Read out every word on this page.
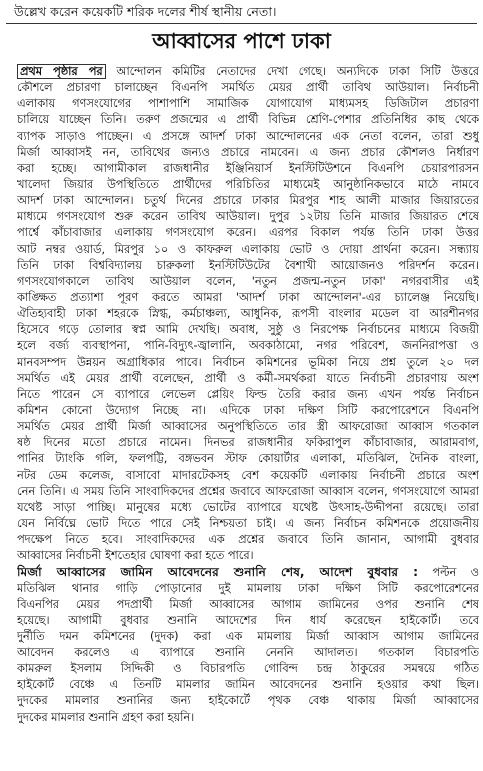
উল্লেখ করেন কয়েকটি শরিক দলের শীর্ষ স্থানীয় নেতা।
আব্বাসের পাশে ঢাকা
প্রথম পৃষ্ঠার পর আন্দোলন কমিটির নেতাদের দেখা গেছে। অন্যদিকে ঢাকা সিটি উত্তরে
কৌশলে প্রচারণা চালাচ্ছেন বিএনপি সমর্থিত মেয়র প্রার্থী তাবিথ আউয়াল। নির্বাচনী
এলাকায় গণসংযোগের পাশাপাশি সামাজিক যোগাযোগ মাধ্যমসহ ডিজিটাল প্রচারণা
চালিয়ে যাচ্ছেন তিনি। তরুণ প্রজন্মের এ প্রার্থী বিভিন্ন শ্রেণি-পেশার প্রতিনিধির কাছ থেকে
ব্যাপক সাড়াও পাচ্ছেন। এ প্রসঙ্গে আদর্শ ঢাকা আন্দোলনের এক নেতা বলেন, তারা শুধু
মির্জা আব্বাসই নন, তাবিথের জন্যও প্রচারে নামবেন। এ জন্য প্রচার কৌশলও নির্ধারণ
করা হচ্ছে। আগামীকাল রাজধানীর ইঞ্জিনিয়ার্স ইনস্টিটিউশনে বিএনপি চেয়ারপারসন
খালেদা জিয়ার উপস্থিতিতে প্রার্থীদের পরিচিতির মাধ্যমেই আনুষ্ঠানিকভাবে মাঠে নামবে
আদর্শ ঢাকা আন্দোলন। চতুর্থ দিনের প্রচারে ঢাকার মিরপুর শাহ আলী মাজার জিয়ারতের
মাধ্যমে গণসংযোগ শুরু করেন তাবিথ আউয়াল। দুপুর ১২টায় তিনি মাজার জিয়ারত শেষে
পার্শ্বে কাঁচাবাজার এলাকায় গণসংযোগ করেন। এরপর বিকাল পর্যন্ত তিনি ঢাকা উত্তর
আট নম্বর ওয়ার্ড, মিরপুর ১০ ও কাফরুল এলাকায় ভোট ও দোয়া প্রার্থনা করেন। সন্ধ্যায়
তিনি ঢাকা বিশ্ববিদ্যালয় চারুকলা ইনস্টিটিউটের বৈশাখী আয়োজনও পরিদর্শন করেন।
গণসংযোগকালে তাবিথ আউয়াল বলেন, 'নতুন প্রজন্ম-নতুন ঢাকা' নগরবাসীর এই
কাঙ্ক্ষিত প্রত্যাশা পূরণ করতে আমরা 'আদর্শ ঢাকা আন্দোলন'-এর চ্যালেঞ্জ নিয়েছি।
ঐতিহ্যবাহী ঢাকা শহরকে স্নিগ্ধ, কর্মচাঞ্চল্য, আধুনিক, রূপসী বাংলার মডেল বা আরশীনগর
হিসেবে গড়ে তোলার স্বপ্ন আমি দেখছি। অবাধ, সুষ্ঠু ও নিরপেক্ষ নির্বাচনের মাধ্যমে বিজয়ী
হলে বর্জ্য ব্যবস্থাপনা, পানি-বিদ্যুৎ-জ্বালানি, অবকাঠামো, নগর পরিবেশ, জননিরাপত্তা ও
মানবসম্পদ উন্নয়ন অগ্রাধিকার পাবে। নির্বাচন কমিশনের ভূমিকা নিয়ে প্রশ্ন তুলে ২০ দল
সমর্থিত এই মেয়র প্রার্থী বলেছেন, প্রার্থী ও কর্মী-সমর্থকরা যাতে নির্বাচনী প্রচারণায় অংশ
নিতে পারেন সে ব্যাপারে লেভেল প্লেয়িং ফিল্ড তৈরি করার জন্য এখন পর্যন্ত নির্বাচন
কমিশন কোনো উদ্যোগ নিচ্ছে না। এদিকে ঢাকা দক্ষিণ সিটি করপোরেশনে বিএনপি
সমর্থিত মেয়র প্রার্থী মির্জা আব্বাসের অনুপস্থিতিতে তার স্ত্রী আফরোজা আব্বাস গতকাল
ষষ্ঠ দিনের মতো প্রচারে নামেন। দিনভর রাজধানীর ফকিরাপুল কাঁচাবাজার, আরামবাগ,
পানির ট্যাংকি গলি, ফলপট্টি, বঙ্গভবন স্টাফ কোয়ার্টার এলাকা, মতিঝিল, দৈনিক বাংলা,
নটর ডেম কলেজ, বাসাবো মাদারটেকসহ বেশ কয়েকটি এলাকায় নির্বাচনী প্রচারে অংশ
নেন তিনি। এ সময় তিনি সাংবাদিকদের প্রশ্নের জবাবে আফরোজা আব্বাস বলেন, গণসংযোগে আমরা
যথেষ্ট সাড়া পাচ্ছি। মানুষের মধ্যে ভোটের ব্যাপারে যথেষ্ট উৎসাহ-উদ্দীপনা রয়েছে। তারা
যেন নির্বিঘ্নে ভোট দিতে পারে সেই নিশ্চয়তা চাই। এ জন্য নির্বাচন কমিশনকে প্রয়োজনীয়
পদক্ষেপ নিতে হবে। সাংবাদিকদের এক প্রশ্নের জবাবে তিনি জানান, আগামী বুধবার
আব্বাসের নির্বাচনী ইশতেহার ঘোষণা করা হতে পারে।
মির্জা আব্বাসের জামিন আবেদনের শুনানি শেষ, আদেশ বুধবার : পল্টন ও
মতিঝিল থানার গাড়ি পোড়ানোর দুই মামলায় ঢাকা দক্ষিণ সিটি করপোরেশনের
বিএনপির মেয়র পদপ্রার্থী মির্জা আব্বাসের আগাম জামিনের ওপর শুনানি শেষ
হয়েছে। আগামী বুধবার শুনানি আদেশের দিন ধার্য করেছেন হাইকোর্ট। তবে
দুর্নীতি দমন কমিশনের (দুদক) করা এক মামলায় মির্জা আব্বাস আগাম জামিনের
আবেদন করলেও এ ব্যাপারে শুনানি নেননি আদালত। গতকাল বিচারপতি
কামরুল ইসলাম সিদ্দিকী ও বিচারপতি গোবিন্দ চন্দ্র ঠাকুরের সমন্বয়ে গঠিত
হাইকোর্ট বেঞ্চে এ তিনটি মামলার জামিন আবেদনের শুনানি হওয়ার কথা ছিল।
দুদকের মামলার শুনানির জন্য হাইকোর্টে পৃথক বেঞ্চ থাকায় মির্জা আব্বাসের
দুদকের মামলার শুনানি গ্রহণ করা হয়নি।
